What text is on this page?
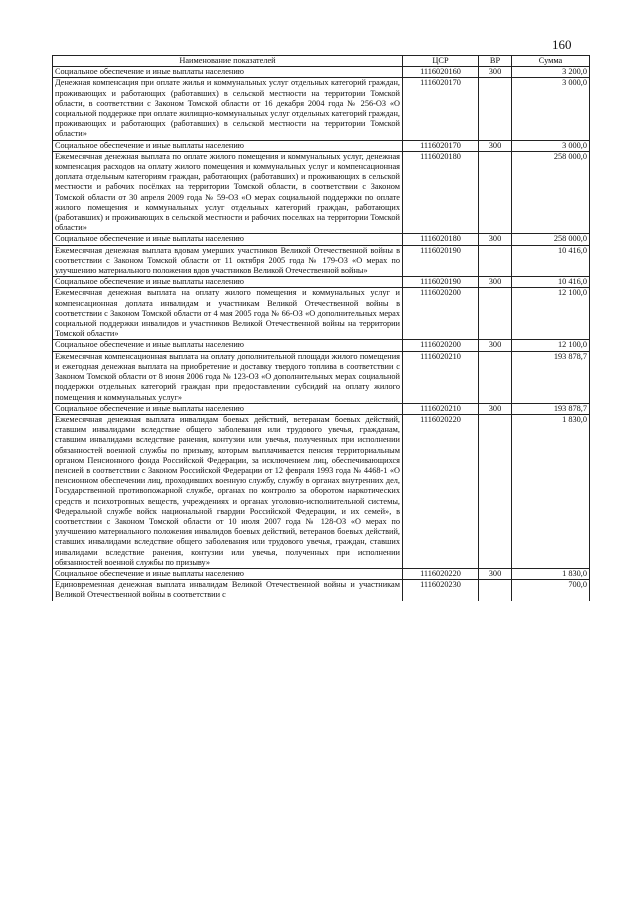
160
Наименование показателей	ЦСР	ВР	Сумма
Социальное обеспечение и иные выплаты населению	1116020160	300	3 200,0
Денежная компенсация при оплате жилья и коммунальных услуг отдельных категорий граждан, проживающих и работающих (работавших) в сельской местности на территории Томской области, в соответствии с Законом Томской области от 16 декабря 2004 года № 256-ОЗ «О социальной поддержке при оплате жилищно-коммунальных услуг отдельных категорий граждан, проживающих и работающих (работавших) в сельской местности на территории Томской области»	1116020170		3 000,0
Социальное обеспечение и иные выплаты населению	1116020170	300	3 000,0
Ежемесячная денежная выплата по оплате жилого помещения и коммунальных услуг, денежная компенсация расходов на оплату жилого помещения и коммунальных услуг и компенсационная доплата отдельным категориям граждан, работающих (работавших) и проживающих в сельской местности и рабочих посёлках на территории Томской области, в соответствии с Законом Томской области от 30 апреля 2009 года № 59-ОЗ «О мерах социальной поддержки по оплате жилого помещения и коммунальных услуг отдельных категорий граждан, работающих (работавших) и проживающих в сельской местности и рабочих поселках на территории Томской области»	1116020180		258 000,0
Социальное обеспечение и иные выплаты населению	1116020180	300	258 000,0
Ежемесячная денежная выплата вдовам умерших участников Великой Отечественной войны в соответствии с Законом Томской области от 11 октября 2005 года № 179-ОЗ «О мерах по улучшению материального положения вдов участников Великой Отечественной войны»	1116020190		10 416,0
Социальное обеспечение и иные выплаты населению	1116020190	300	10 416,0
Ежемесячная денежная выплата на оплату жилого помещения и коммунальных услуг и компенсационная доплата инвалидам и участникам Великой Отечественной войны в соответствии с Законом Томской области от 4 мая 2005 года № 66-ОЗ «О дополнительных мерах социальной поддержки инвалидов и участников Великой Отечественной войны на территории Томской области»	1116020200		12 100,0
Социальное обеспечение и иные выплаты населению	1116020200	300	12 100,0
Ежемесячная компенсационная выплата на оплату дополнительной площади жилого помещения и ежегодная денежная выплата на приобретение и доставку твердого топлива в соответствии с Законом Томской области от 8 июня 2006 года № 123-ОЗ «О дополнительных мерах социальной поддержки отдельных категорий граждан при предоставлении субсидий на оплату жилого помещения и коммунальных услуг»	1116020210		193 878,7
Социальное обеспечение и иные выплаты населению	1116020210	300	193 878,7
Ежемесячная денежная выплата инвалидам боевых действий, ветеранам боевых действий, ставшим инвалидами вследствие общего заболевания или трудового увечья, гражданам, ставшим инвалидами вследствие ранения, контузии или увечья, полученных при исполнении обязанностей военной службы по призыву, которым выплачивается пенсия территориальным органом Пенсионного фонда Российской Федерации, за исключением лиц, обеспечивающихся пенсией в соответствии с Законом Российской Федерации от 12 февраля 1993 года № 4468-1 «О пенсионном обеспечении лиц, проходивших военную службу, службу в органах внутренних дел, Государственной противопожарной службе, органах по контролю за оборотом наркотических средств и психотропных веществ, учреждениях и органах уголовно-исполнительной системы, Федеральной службе войск национальной гвардии Российской Федерации, и их семей», в соответствии с Законом Томской области от 10 июля 2007 года № 128-ОЗ «О мерах по улучшению материального положения инвалидов боевых действий, ветеранов боевых действий, ставших инвалидами вследствие общего заболевания или трудового увечья, граждан, ставших инвалидами вследствие ранения, контузии или увечья, полученных при исполнении обязанностей военной службы по призыву»	1116020220		1 830,0
Социальное обеспечение и иные выплаты населению	1116020220	300	1 830,0
Единовременная денежная выплата инвалидам Великой Отечественной войны и участникам Великой Отечественной войны в соответствии с	1116020230		700,0
